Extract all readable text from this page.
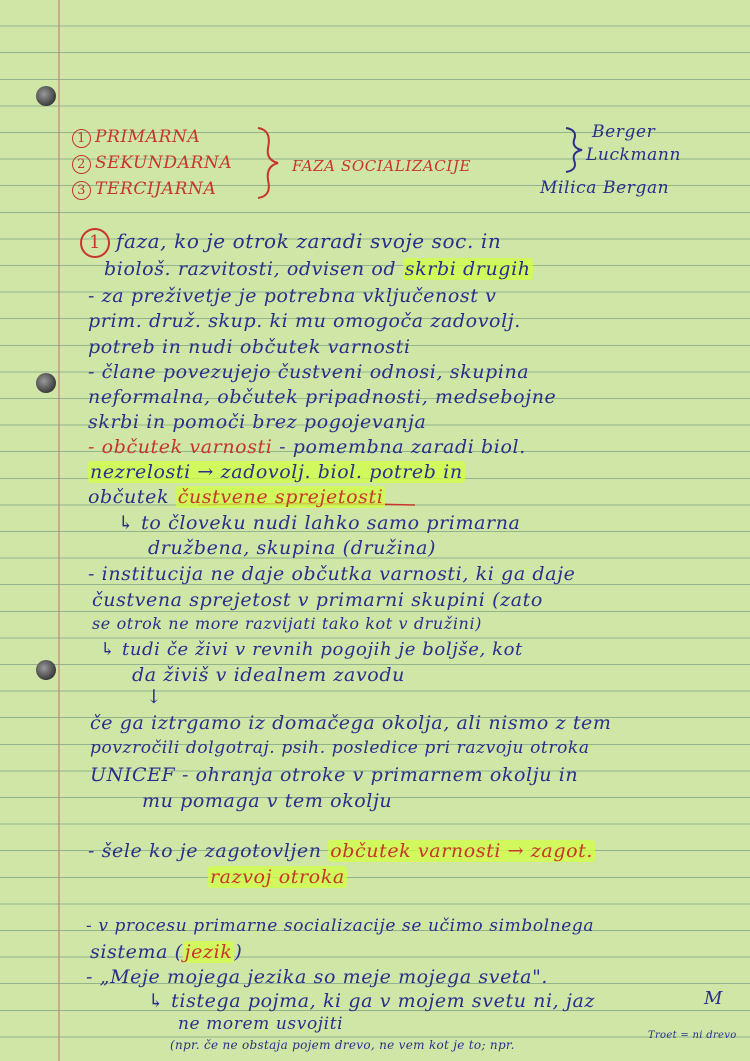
1 PRIMARNA
2 SEKUNDARNA
3 TERCIJARNA
FAZA SOCIALIZACIJE
Berger
Luckmann
Milica Bergan
1 faza, ko je otrok zaradi svoje soc. in
biološ. razvitosti, odvisen od skrbi drugih
- za preživetje je potrebna vključenost v
prim. druž. skup. ki mu omogoča zadovolj.
potreb in nudi občutek varnosti
- člane povezujejo čustveni odnosi, skupina
neformalna, občutek pripadnosti, medsebojne
skrbi in pomoči brez pogojevanja
- občutek varnosti - pomembna zaradi biol.
nezrelosti → zadovolj. biol. potreb in
občutek čustvene sprejetosti
↳ to človeku nudi lahko samo primarna
družbena, skupina (družina)
- institucija ne daje občutka varnosti, ki ga daje
čustvena sprejetost v primarni skupini (zato
se otrok ne more razvijati tako kot v družini)
↳ tudi če živi v revnih pogojih je boljše, kot
da živiš v idealnem zavodu
↓
če ga iztrgamo iz domačega okolja, ali nismo z tem
povzročili dolgotraj. psih. posledice pri razvoju otroka
UNICEF - ohranja otroke v primarnem okolju in
mu pomaga v tem okolju
- šele ko je zagotovljen občutek varnosti → zagot.
razvoj otroka
- v procesu primarne socializacije se učimo simbolnega
sistema ( jezik )
- „Meje mojega jezika so meje mojega sveta".
↳ tistega pojma, ki ga v mojem svetu ni, jaz
ne morem usvojiti
(npr. če ne obstaja pojem drevo, ne vem kot je to; npr.
M
Troet = ni drevo
